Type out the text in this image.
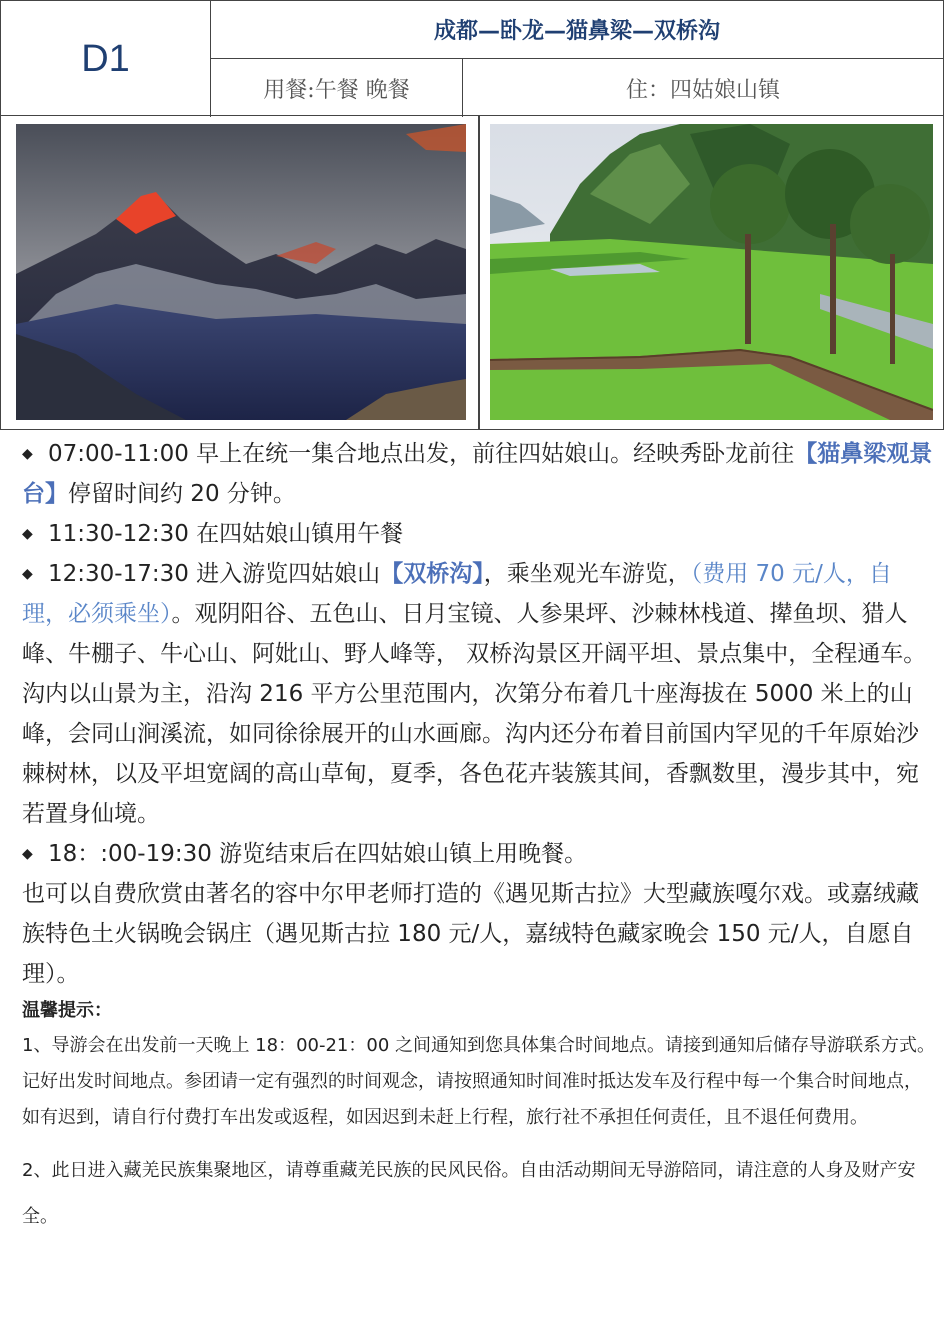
D1
成都—卧龙—猫鼻梁—双桥沟
用餐:午餐 晚餐	住：四姑娘山镇
◆ 07:00-11:00 早上在统一集合地点出发，前往四姑娘山。经映秀卧龙前往【猫鼻梁观景台】停留时间约 20 分钟。
◆ 11:30-12:30 在四姑娘山镇用午餐
◆ 12:30-17:30 进入游览四姑娘山【双桥沟】，乘坐观光车游览，（费用 70 元/人，自理，必须乘坐）。观阴阳谷、五色山、日月宝镜、人参果坪、沙棘林栈道、撵鱼坝、猎人峰、牛棚子、牛心山、阿妣山、野人峰等， 双桥沟景区开阔平坦、景点集中，全程通车。沟内以山景为主，沿沟 216 平方公里范围内，次第分布着几十座海拔在 5000 米上的山峰，会同山涧溪流，如同徐徐展开的山水画廊。沟内还分布着目前国内罕见的千年原始沙棘树林，以及平坦宽阔的高山草甸，夏季，各色花卉装簇其间，香飘数里，漫步其中，宛若置身仙境。
◆ 18：:00-19:30 游览结束后在四姑娘山镇上用晚餐。
也可以自费欣赏由著名的容中尔甲老师打造的《遇见斯古拉》大型藏族嘎尔戏。或嘉绒藏族特色土火锅晚会锅庄（遇见斯古拉 180 元/人，嘉绒特色藏家晚会 150 元/人，自愿自理）。
温馨提示：
1、导游会在出发前一天晚上 18：00-21：00 之间通知到您具体集合时间地点。请接到通知后储存导游联系方式。记好出发时间地点。参团请一定有强烈的时间观念，请按照通知时间准时抵达发车及行程中每一个集合时间地点，如有迟到，请自行付费打车出发或返程，如因迟到未赶上行程，旅行社不承担任何责任，且不退任何费用。
2、此日进入藏羌民族集聚地区，请尊重藏羌民族的民风民俗。自由活动期间无导游陪同，请注意的人身及财产安全。
